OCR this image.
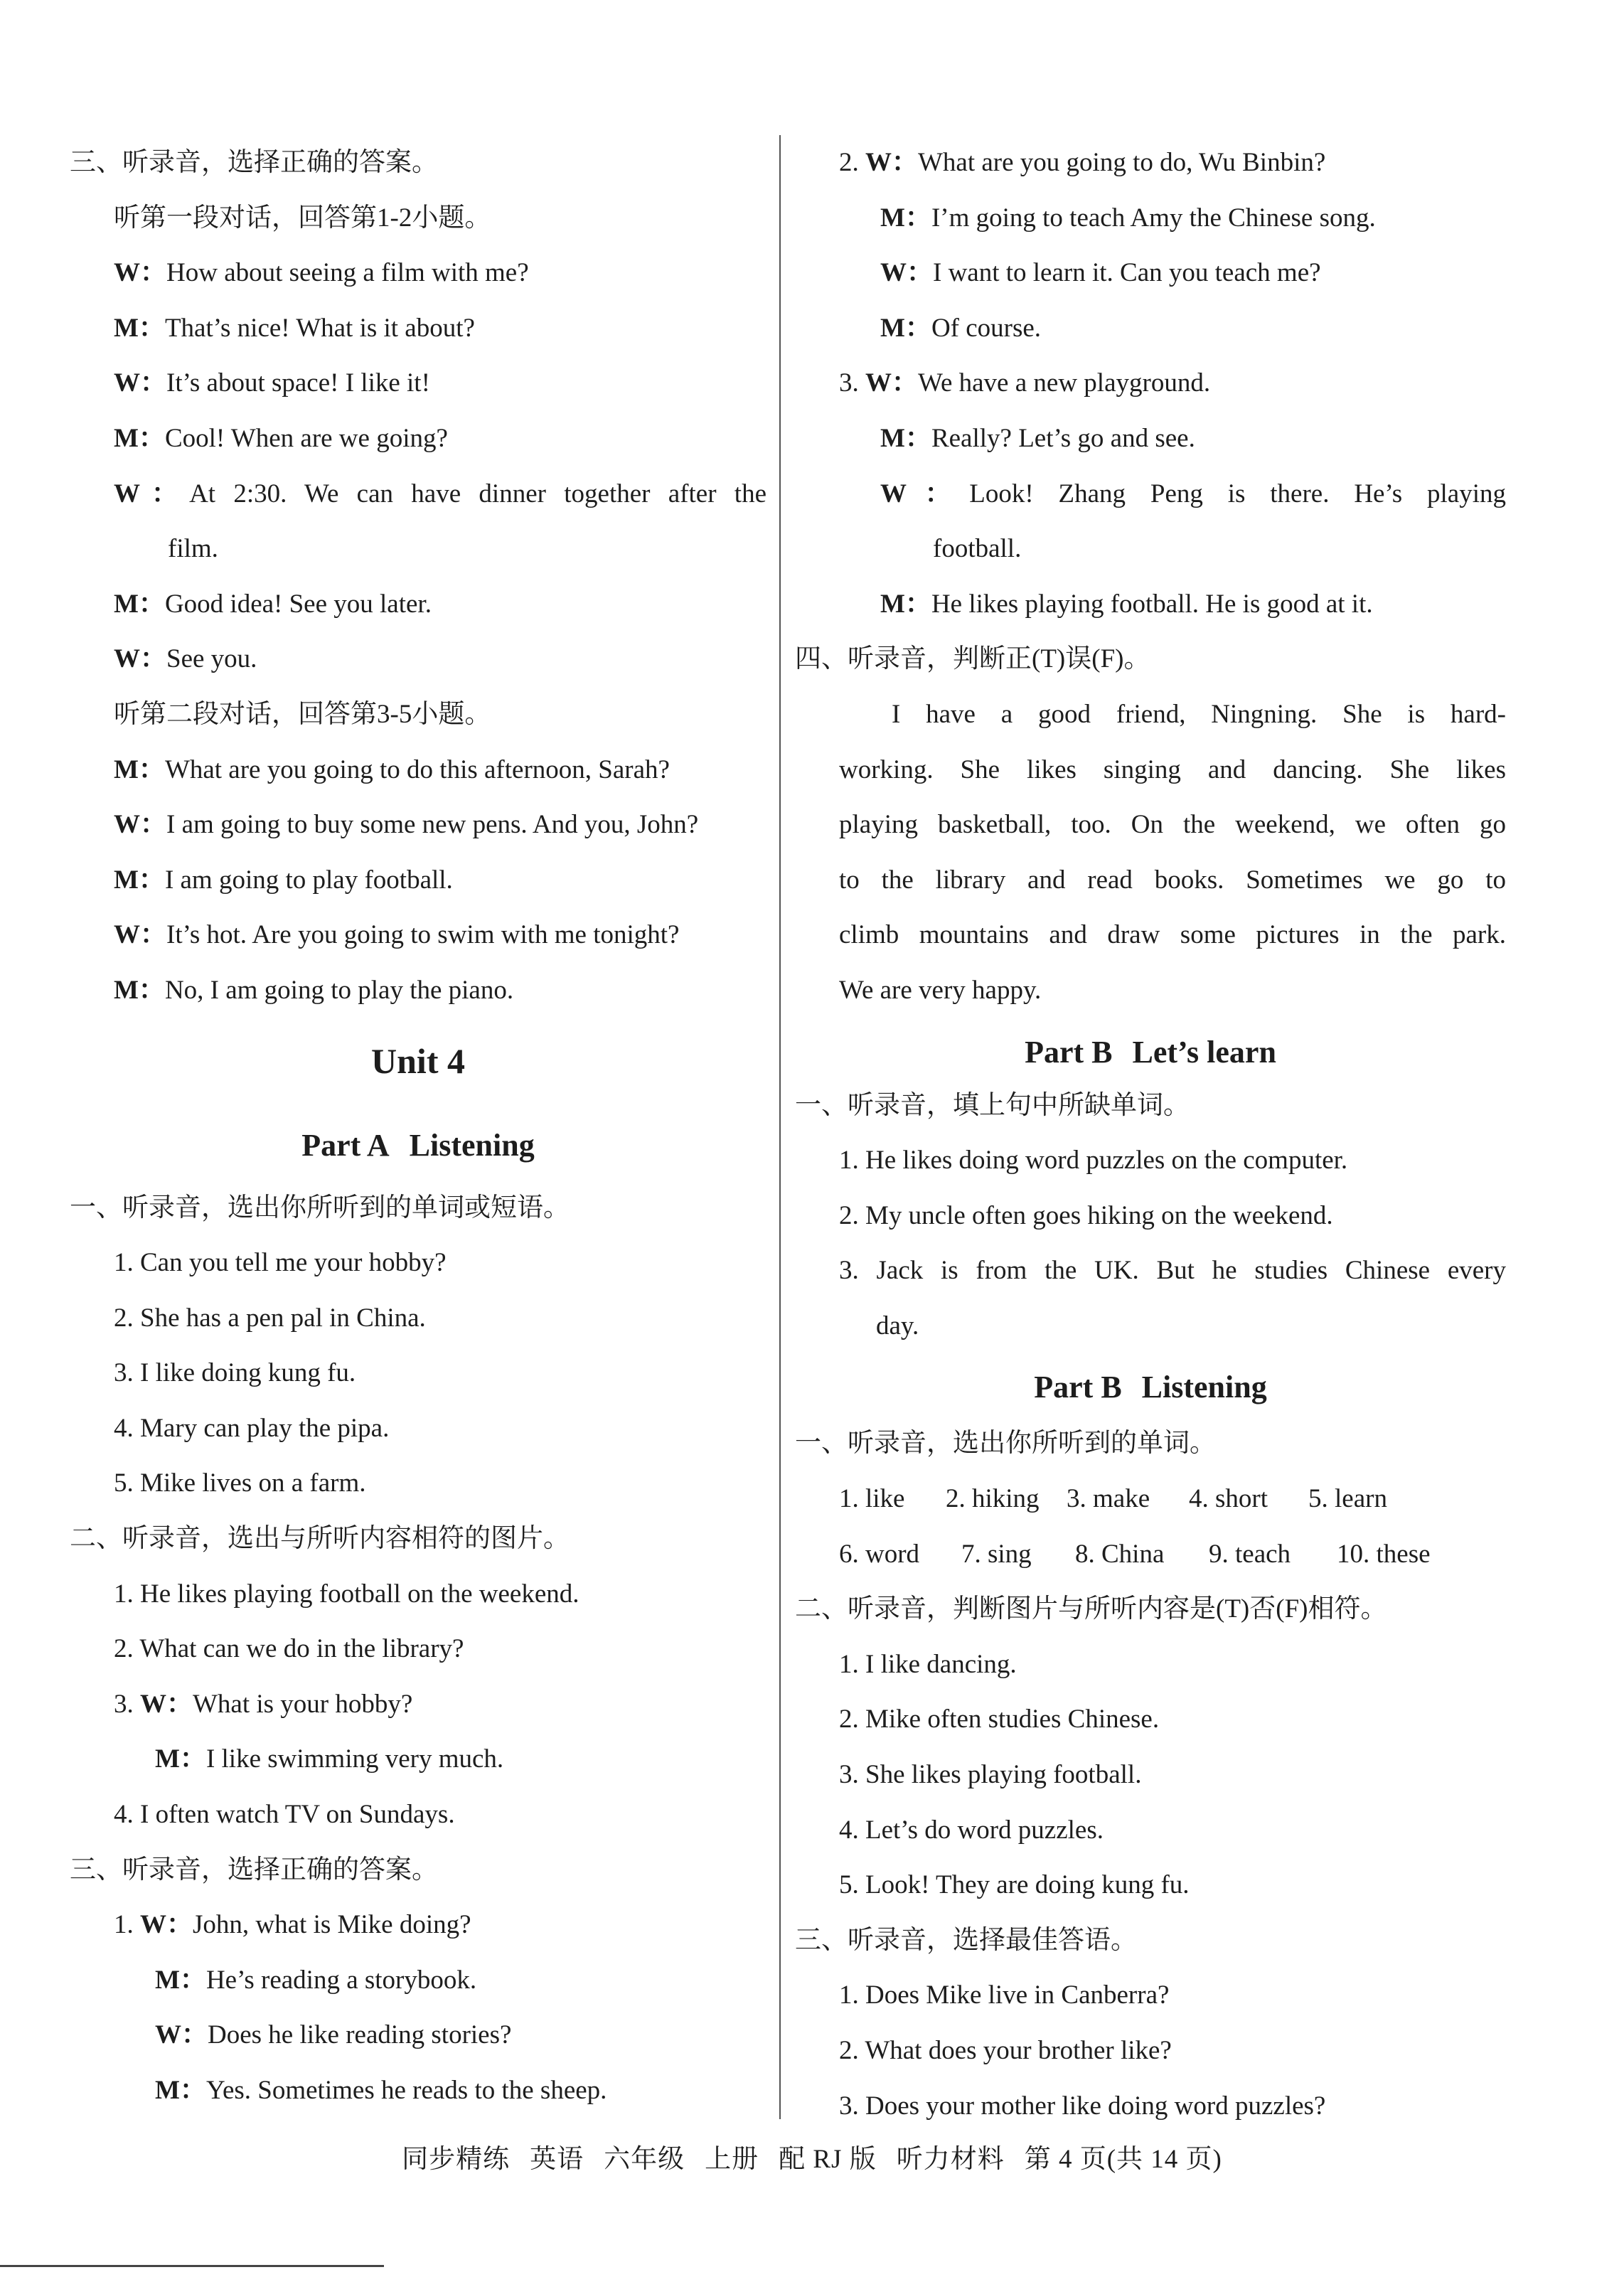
三、听录音，选择正确的答案。
听第一段对话，回答第1-2小题。
W：How about seeing a film with me?
M：That’s nice! What is it about?
W：It’s about space! I like it!
M：Cool! When are we going?
W：At 2:30. We can have dinner together after the
film.
M：Good idea! See you later.
W：See you.
听第二段对话，回答第3-5小题。
M：What are you going to do this afternoon, Sarah?
W：I am going to buy some new pens. And you, John?
M：I am going to play football.
W：It’s hot. Are you going to swim with me tonight?
M：No, I am going to play the piano.
Unit 4
Part A Listening
一、听录音，选出你所听到的单词或短语。
1. Can you tell me your hobby?
2. She has a pen pal in China.
3. I like doing kung fu.
4. Mary can play the pipa.
5. Mike lives on a farm.
二、听录音，选出与所听内容相符的图片。
1. He likes playing football on the weekend.
2. What can we do in the library?
3. W：What is your hobby?
M：I like swimming very much.
4. I often watch TV on Sundays.
三、听录音，选择正确的答案。
1. W：John, what is Mike doing?
M：He’s reading a storybook.
W：Does he like reading stories?
M：Yes. Sometimes he reads to the sheep.
2. W：What are you going to do, Wu Binbin?
M：I’m going to teach Amy the Chinese song.
W：I want to learn it. Can you teach me?
M：Of course.
3. W：We have a new playground.
M：Really? Let’s go and see.
W：Look! Zhang Peng is there. He’s playing
football.
M：He likes playing football. He is good at it.
四、听录音，判断正(T)误(F)。
I have a good friend, Ningning. She is hard-
working. She likes singing and dancing. She likes
playing basketball, too. On the weekend, we often go
to the library and read books. Sometimes we go to
climb mountains and draw some pictures in the park.
We are very happy.
Part B Let’s learn
一、听录音，填上句中所缺单词。
1. He likes doing word puzzles on the computer.
2. My uncle often goes hiking on the weekend.
3. Jack is from the UK. But he studies Chinese every
day.
Part B Listening
一、听录音，选出你所听到的单词。
1. like 2. hiking 3. make 4. short 5. learn
6. word 7. sing 8. China 9. teach 10. these
二、听录音，判断图片与所听内容是(T)否(F)相符。
1. I like dancing.
2. Mike often studies Chinese.
3. She likes playing football.
4. Let’s do word puzzles.
5. Look! They are doing kung fu.
三、听录音，选择最佳答语。
1. Does Mike live in Canberra?
2. What does your brother like?
3. Does your mother like doing word puzzles?
同步精练 英语 六年级 上册 配 RJ 版 听力材料 第 4 页(共 14 页)
